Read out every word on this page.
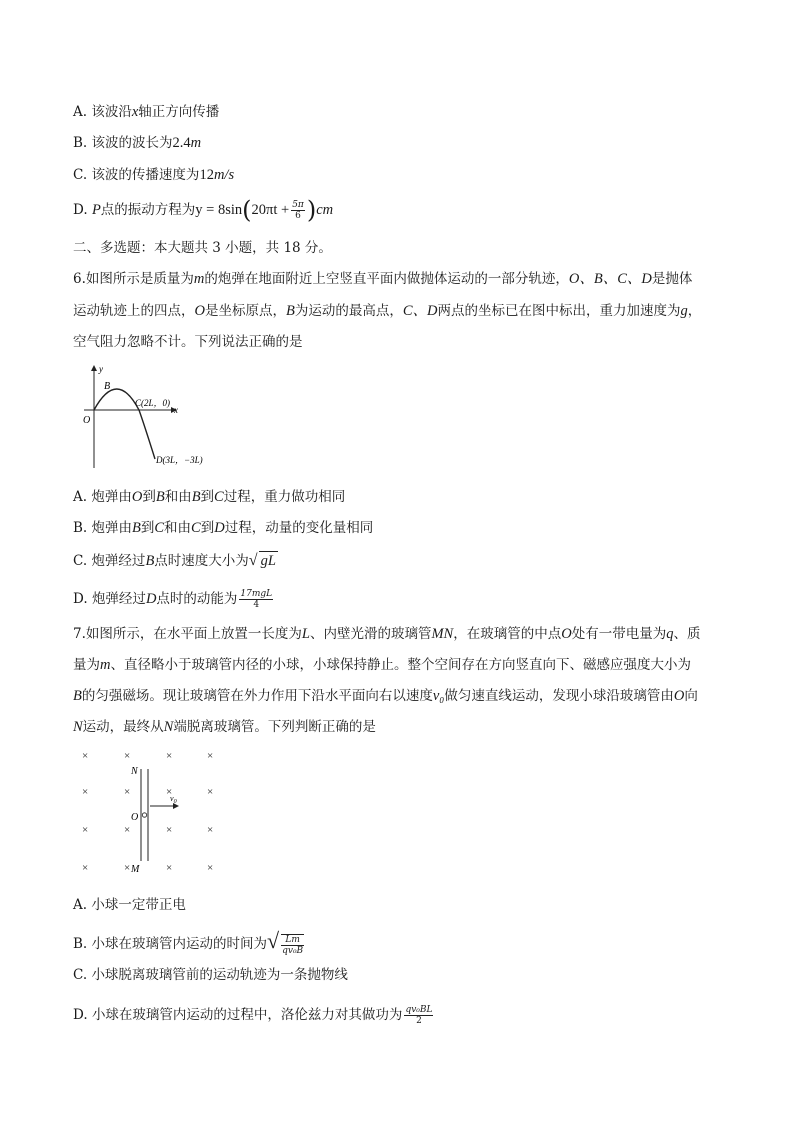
A. 该波沿x轴正方向传播
B. 该波的波长为2.4m
C. 该波的传播速度为12m/s
D. P点的振动方程为$y = 8\sin(20\pi t + \frac{5\pi}{6} )cm$
二、多选题：本大题共 3 小题，共 18 分。
6.如图所示是质量为m的炮弹在地面附近上空竖直平面内做抛体运动的一部分轨迹，O、B、C、D是抛体
运动轨迹上的四点，O是坐标原点，B为运动的最高点，C、D两点的坐标已在图中标出，重力加速度为g，
空气阻力忽略不计。下列说法正确的是
y
x
O
B
C(2L，0)
D(3L，−3L)
A. 炮弹由O到B和由B到C过程，重力做功相同
B. 炮弹由B到C和由C到D过程，动量的变化量相同
C. 炮弹经过B点时速度大小为√ gL
D. 炮弹经过D点时的动能为 $\frac{\text{17mgL}}{4}$
7.如图所示，在水平面上放置一长度为L、内壁光滑的玻璃管MN，在玻璃管的中点O处有一带电量为q、质
量为m、直径略小于玻璃管内径的小球，小球保持静止。整个空间存在方向竖直向下、磁感应强度大小为
B的匀强磁场。现让玻璃管在外力作用下沿水平面向右以速度v₀做匀速直线运动，发现小球沿玻璃管由O向
N运动，最终从N端脱离玻璃管。下列判断正确的是
×	×	×	×
×	×	×	×
×	×	×	×
×	×	×	×
N
M
O
$v_0$
A. 小球一定带正电
B. 小球在玻璃管内运动的时间为√ $\frac{Lm}{\text{qv₀B}}$
C. 小球脱离玻璃管前的运动轨迹为一条抛物线
D. 小球在玻璃管内运动的过程中，洛伦兹力对其做功为 $\frac{\text{qv₀BL}}{2}$
